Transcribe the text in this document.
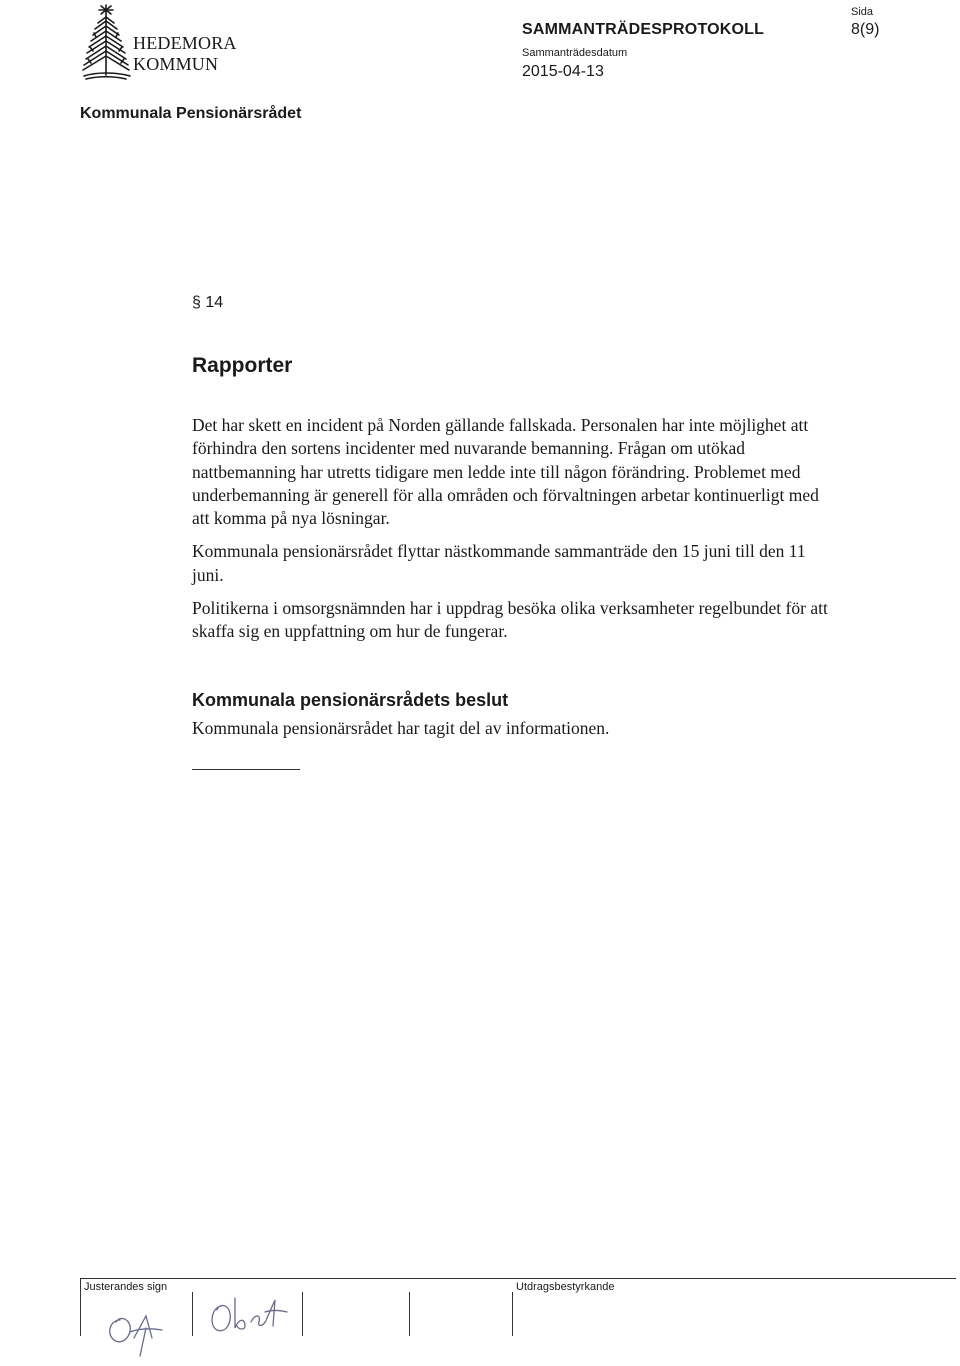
HEDEMORA
KOMMUN
SAMMANTRÄDESPROTOKOLL
Sammanträdesdatum
2015-04-13
Sida
8(9)
Kommunala Pensionärsrådet
§ 14
Rapporter

Det har skett en incident på Norden gällande fallskada. Personalen har inte möjlighet att förhindra den sortens incidenter med nuvarande bemanning. Frågan om utökad nattbemanning har utretts tidigare men ledde inte till någon förändring. Problemet med underbemanning är generell för alla områden och förvaltningen arbetar kontinuerligt med att komma på nya lösningar.

Kommunala pensionärsrådet flyttar nästkommande sammanträde den 15 juni till den 11 juni.

Politikerna i omsorgsnämnden har i uppdrag besöka olika verksamheter regelbundet för att skaffa sig en uppfattning om hur de fungerar.

Kommunala pensionärsrådets beslut
Kommunala pensionärsrådet har tagit del av informationen.
Justerandes sign	Utdragsbestyrkande
